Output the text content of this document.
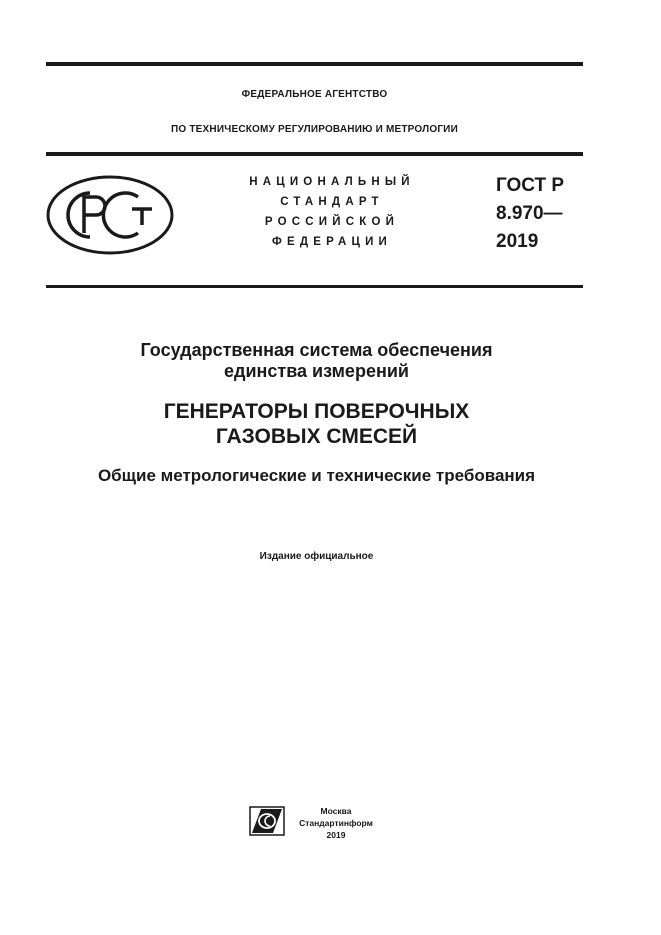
ФЕДЕРАЛЬНОЕ АГЕНТСТВО
ПО ТЕХНИЧЕСКОМУ РЕГУЛИРОВАНИЮ И МЕТРОЛОГИИ
НАЦИОНАЛЬНЫЙ
СТАНДАРТ
РОССИЙСКОЙ
ФЕДЕРАЦИИ
ГОСТ Р
8.970—
2019
Государственная система обеспечения
единства измерений
ГЕНЕРАТОРЫ ПОВЕРОЧНЫХ
ГАЗОВЫХ СМЕСЕЙ
Общие метрологические и технические требования
Издание официальное
Москва
Стандартинформ
2019
